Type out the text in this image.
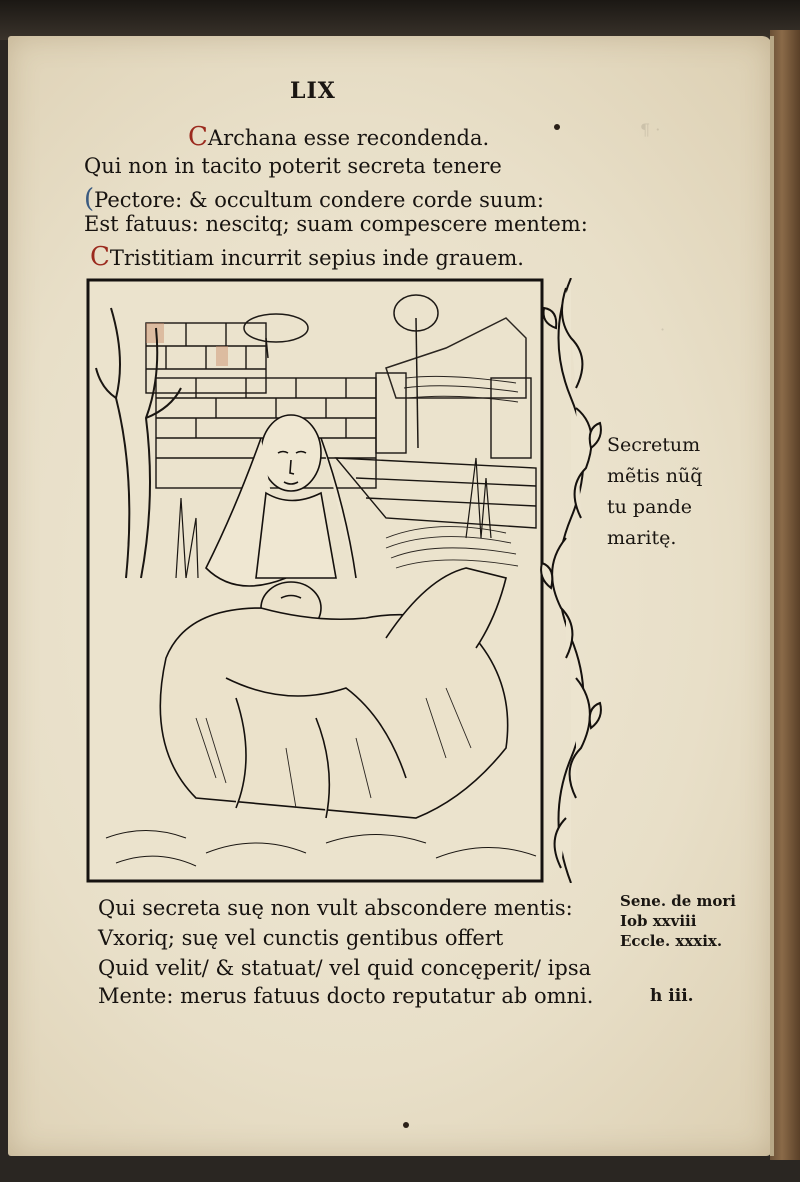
¶ ·
·
LIX
CArchana esse recondenda.
Qui non in tacito poterit secreta tenere
(Pectore: & occultum condere corde suum:
Est fatuus: nescitq; suam compescere mentem:
CTristitiam incurrit sepius inde grauem.
Secretum
mẽtis nũq̃
tu pande
maritę.
Qui secreta suę non vult abscondere mentis:
Vxoriq; suę vel cunctis gentibus offert
Quid velit/ & statuat/ vel quid concęperit/ ipsa
Mente: merus fatuus docto reputatur ab omni.
Sene. de mori
Iob xxviii
Eccle. xxxix.
h iii.
